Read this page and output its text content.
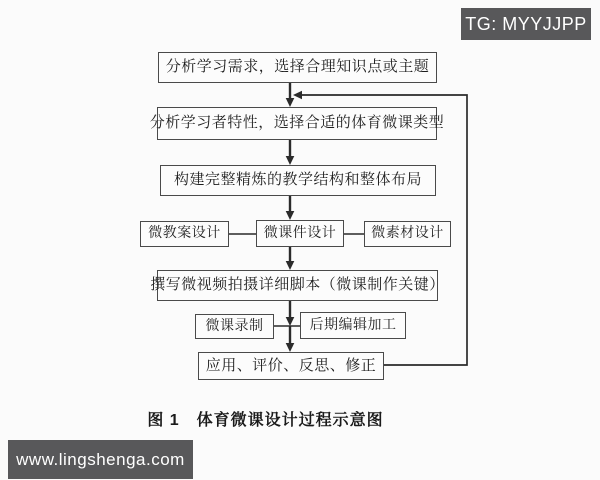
分析学习需求，选择合理知识点或主题
分析学习者特性，选择合适的体育微课类型
构建完整精炼的教学结构和整体布局
微教案设计	微课件设计	微素材设计
撰写微视频拍摄详细脚本（微课制作关键）
微课录制	后期编辑加工
应用、评价、反思、修正
图 1　体育微课设计过程示意图
TG: MYYJJPP
www.lingshenga.com
